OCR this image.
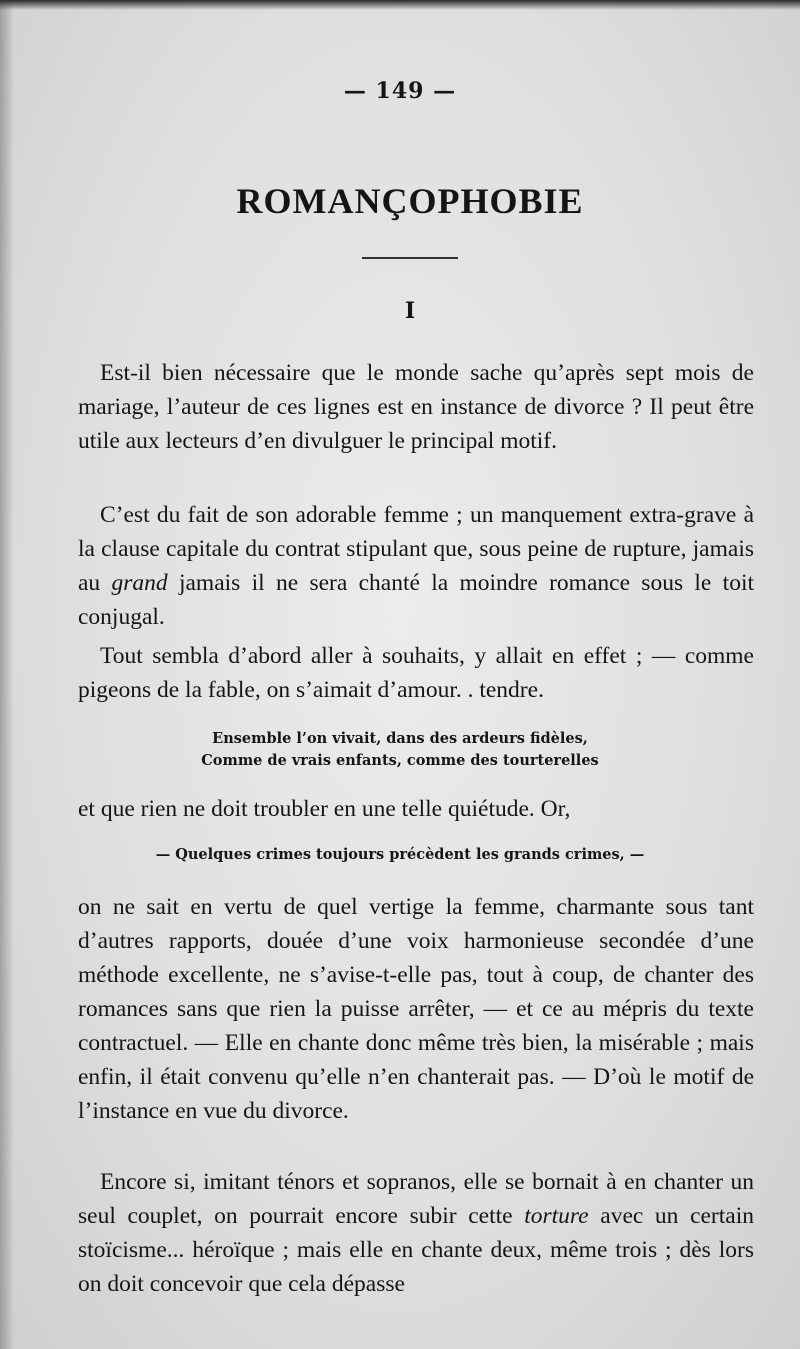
— 149 —
ROMANÇOPHOBIE
I
Est-il bien nécessaire que le monde sache qu’après sept mois de mariage, l’auteur de ces lignes est en instance de divorce ? Il peut être utile aux lecteurs d’en divulguer le principal motif.
C’est du fait de son adorable femme ; un manquement extra-grave à la clause capitale du contrat stipulant que, sous peine de rupture, jamais au grand jamais il ne sera chanté la moindre romance sous le toit conjugal.
Tout sembla d’abord aller à souhaits, y allait en effet ; — comme pigeons de la fable, on s’aimait d’amour. . tendre.
Ensemble l’on vivait, dans des ardeurs fidèles,
Comme de vrais enfants, comme des tourterelles
et que rien ne doit troubler en une telle quiétude. Or,
— Quelques crimes toujours précèdent les grands crimes, —
on ne sait en vertu de quel vertige la femme, charmante sous tant d’autres rapports, douée d’une voix harmonieuse secondée d’une méthode excellente, ne s’avise-t-elle pas, tout à coup, de chanter des romances sans que rien la puisse arrêter, — et ce au mépris du texte contractuel. — Elle en chante donc même très bien, la misérable ; mais enfin, il était convenu qu’elle n’en chanterait pas. — D’où le motif de l’instance en vue du divorce.
Encore si, imitant ténors et sopranos, elle se bornait à en chanter un seul couplet, on pourrait encore subir cette torture avec un certain stoïcisme... héroïque ; mais elle en chante deux, même trois ; dès lors on doit concevoir que cela dépasse
